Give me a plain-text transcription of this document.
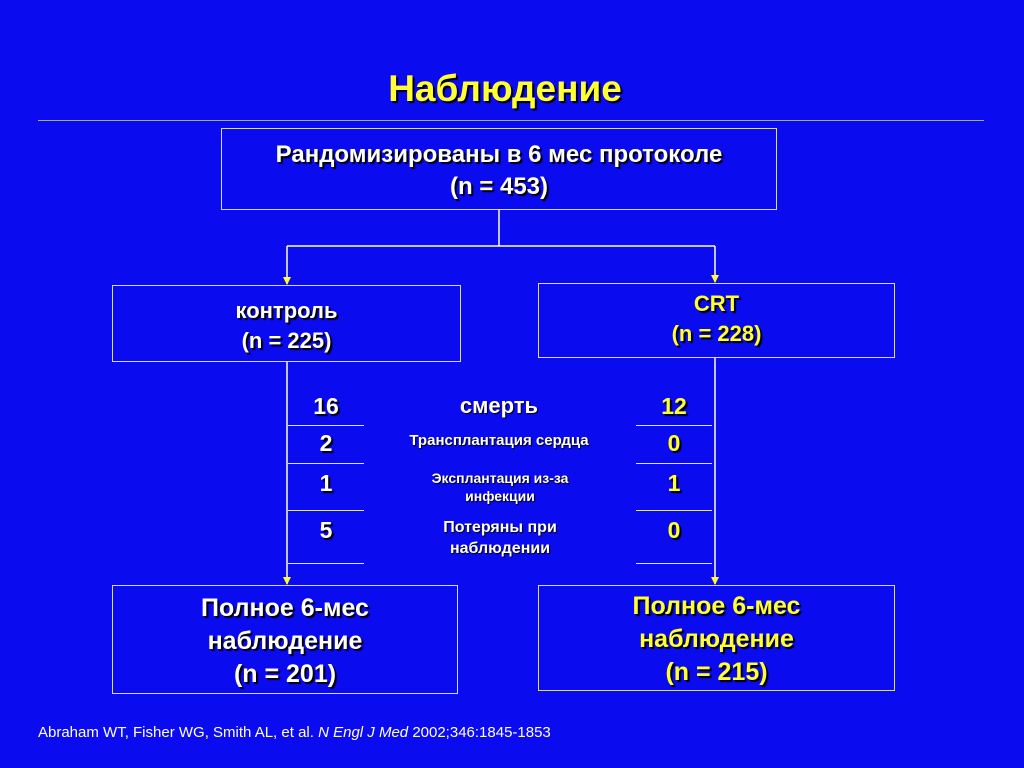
Наблюдение
Рандомизированы в 6 мес протоколе
(n = 453)
контроль
(n = 225)
CRT
(n = 228)
16
2
1
5
смерть
Трансплантация сердца
Эксплантация из-за инфекции
Потеряны при наблюдении
12
0
1
0
Полное 6-мес
наблюдение
(n = 201)
Полное 6-мес
наблюдение
(n = 215)
Abraham WT, Fisher WG, Smith AL, et al. N Engl J Med 2002;346:1845-1853
